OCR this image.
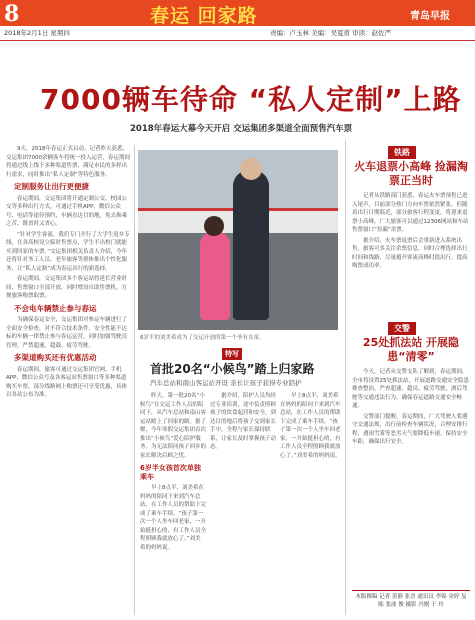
8	春运 回家路	青岛早报
2018年2月1日 星期四	责编：卢玉林 美编：吴夏甫 审读：赵佐严
7000辆车待命 “私人定制”上路
2018年春运大幕今天开启 交运集团多渠道全面预售汽车票

9天，2018年春运正式启动。记者昨天获悉，交运集团7000余辆客车将统一投入运营，春运期间将通过线上线下多种渠道售票，满足市民的多样出行需求，同时推出“私人定制”等特色服务。

定制服务让出行更便捷

春运期间，交运集团将开通定制公交、校园公交等多种出行方式，可通过手机APP、微信公众号、电话等途径预约，车辆直达目的地，免去换乘之苦，既省时又省心。

“针对学生客流，我们专门开行了大学生返乡专线，在各高校设立临时售票点，学生不出校门就能买到回家的车票。”交运集团相关负责人介绍，今年还将针对务工人员、老年旅客等群体推出个性化服务，让“私人定制”成为春运出行的新选择。

春运期间，交运集团多个客运站将延长营业时间，售票窗口全部开放，同时增设自助售票机，方便旅客购票取票。

不会电车辆禁止参与春运

为确保春运安全，交运集团对参运车辆进行了全面安全检查，对不符合技术条件、安全性能不达标的车辆一律禁止参与春运运营，同时加强驾驶员管理，严禁超速、超载、疲劳驾驶。

多渠道购买还有优惠活动

春运期间，旅客可通过交运集团官网、手机APP、微信公众号及各客运站售票窗口等多种渠道购买车票，部分线路网上购票还可享受优惠，具体以各站公布为准。

6岁半的刘美希成为了交运开创的第一个爷有女童。
特写
首批20名“小候鸟”踏上归家路
汽车总站和南山客运站开设 亲长让孩子获得专业陪护

昨天，第一批20名“小候鸟”在交运工作人员的陪同下，从汽车总站和南山客运站踏上了回家的路。据了解，今年寒假交运集团首次推出“小候鸟”爱心陪护服务，为无法陪同孩子回乡的家长解决后顾之忧。

6岁半女孩首次单独乘车

早上8点半，刘美希在妈妈的陪同下来到汽车总站，在工作人员的帮助下完成了乘车手续。“孩子第一次一个人坐车回老家，一开始挺担心的，有工作人员全程照顾我就放心了。”刘美希的妈妈说。

据介绍，陪护人员均经过专业培训，途中负责照顾孩子的饮食起居和安全，到达目的地后将孩子交到家长手中，全程与家长保持联系，让家长及时掌握孩子动态。

早上8点半，刘美希在妈妈的陪同下来到汽车总站，在工作人员的帮助下完成了乘车手续。“孩子第一次一个人坐车回老家，一开始挺担心的，有工作人员全程照顾我就放心了。”刘美希的妈妈说。

铁路
火车退票小高峰 捡漏淘票正当时

记者从铁路部门获悉，春运火车票预售已进入尾声，目前部分热门方向车票依然紧张，但随着出行日期临近，部分旅客行程变更，将迎来退票小高峰，广大旅客可以通过12306网站和车站售票窗口“捡漏”余票。

据介绍，火车票退票后会重新进入系统出售，旅客可多关注余票信息，同时合理选择出行时间和线路，尽量避开客流高峰时段出行，提高购票成功率。

交警
25处抓法站 开展隐患“清零”

今天，记者从交警支队了解到，春运期间，全市将设置25处抓法站，开展道路交通安全隐患排查整治，严查超速、超员、疲劳驾驶、酒后驾驶等交通违法行为，确保春运道路交通安全畅通。

交警部门提醒，春运期间，广大驾驶人要遵守交通法规，出行前检查车辆状况，合理安排行程，遇雨雪雾等恶劣天气要降低车速，保持安全车距，确保出行安全。

本版撰稿 记者 黄静 张晋 通讯员 李锦 金婷 复 陈 张波 俊 摄影 冯刚 于 玲
